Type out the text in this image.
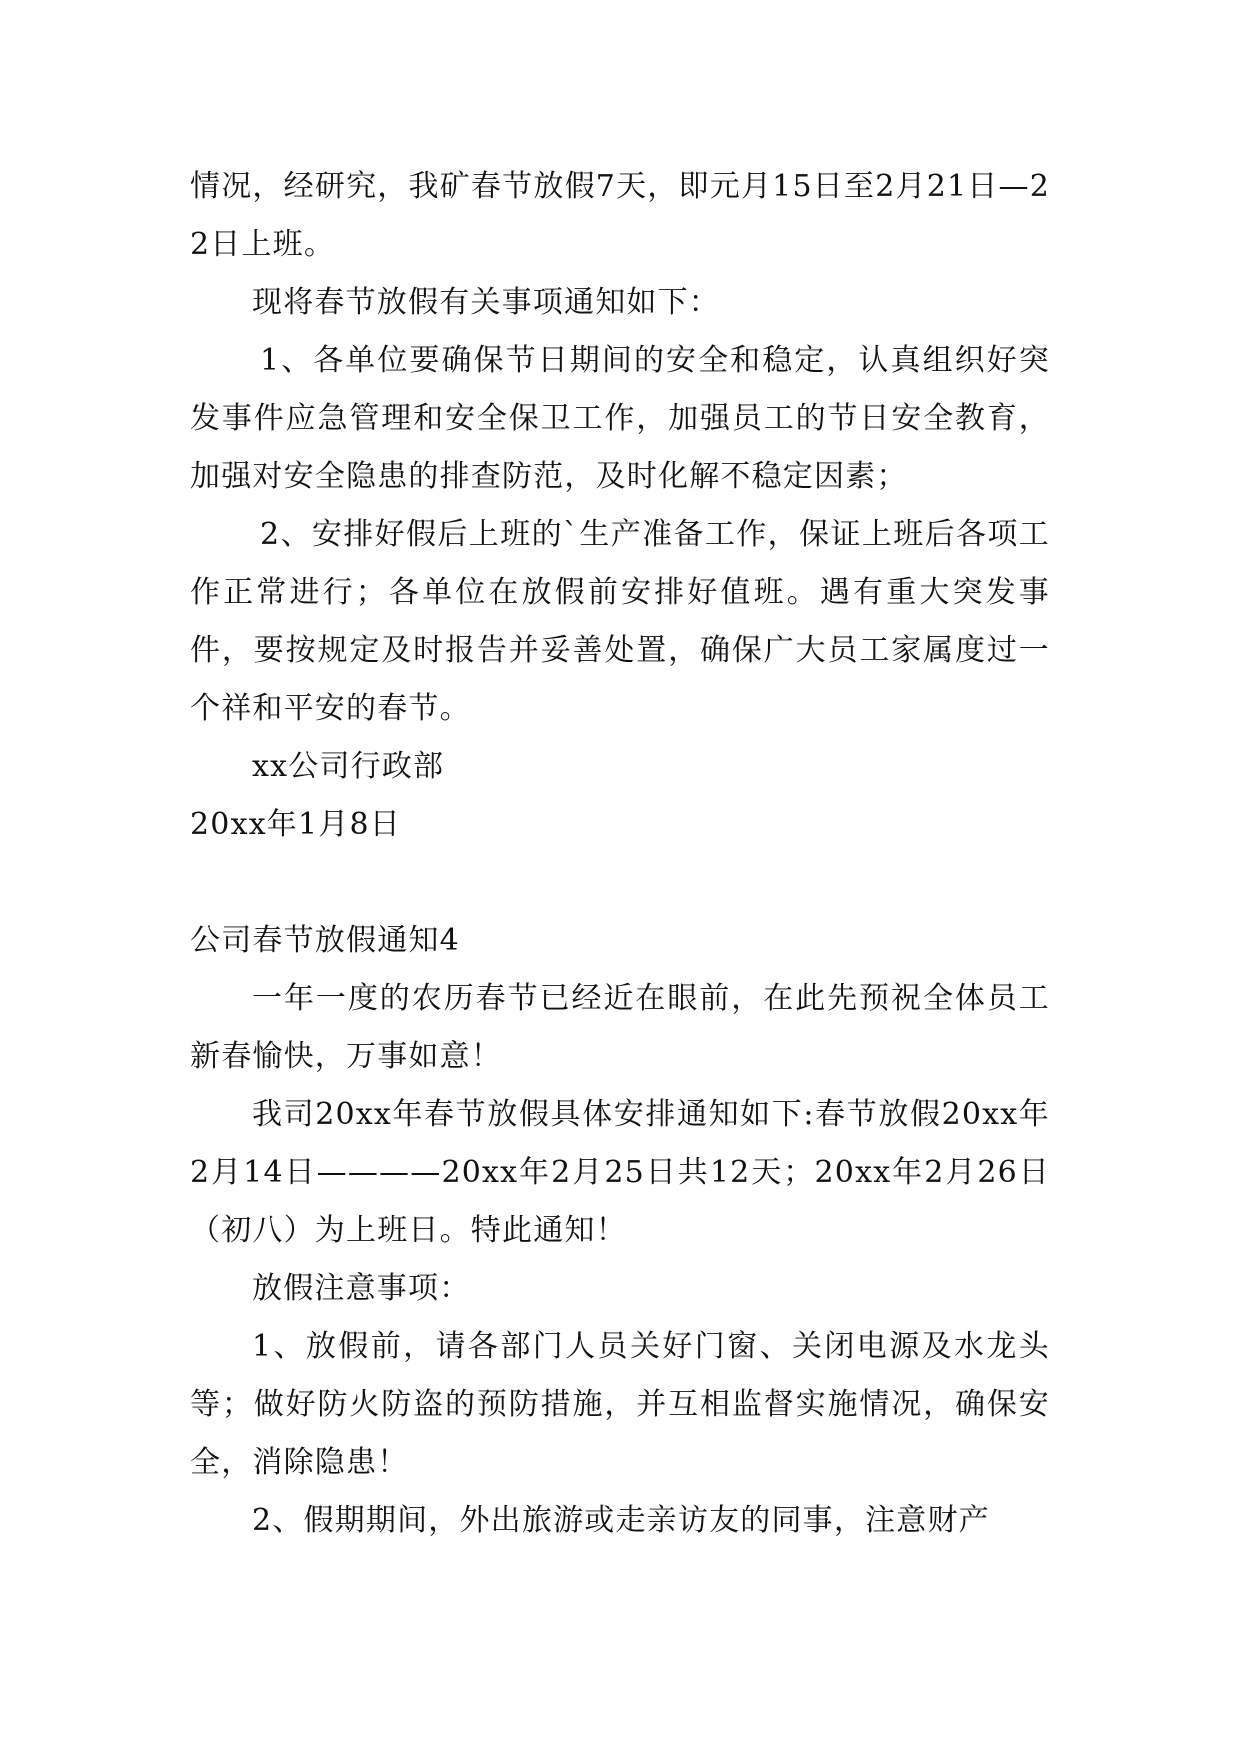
情况，经研究，我矿春节放假7天，即元月15日至2月21日—22日上班。

现将春节放假有关事项通知如下：

1、各单位要确保节日期间的安全和稳定，认真组织好突发事件应急管理和安全保卫工作，加强员工的节日安全教育，加强对安全隐患的排查防范，及时化解不稳定因素；

2、安排好假后上班的`生产准备工作，保证上班后各项工作正常进行；各单位在放假前安排好值班。遇有重大突发事件，要按规定及时报告并妥善处置，确保广大员工家属度过一个祥和平安的春节。

xx公司行政部

20xx年1月8日

公司春节放假通知4

一年一度的农历春节已经近在眼前，在此先预祝全体员工新春愉快，万事如意！

我司20xx年春节放假具体安排通知如下:春节放假20xx年2月14日————20xx年2月25日共12天；20xx年2月26日（初八）为上班日。特此通知！

放假注意事项：

1、放假前，请各部门人员关好门窗、关闭电源及水龙头等；做好防火防盗的预防措施，并互相监督实施情况，确保安全，消除隐患！

2、假期期间，外出旅游或走亲访友的同事，注意财产
